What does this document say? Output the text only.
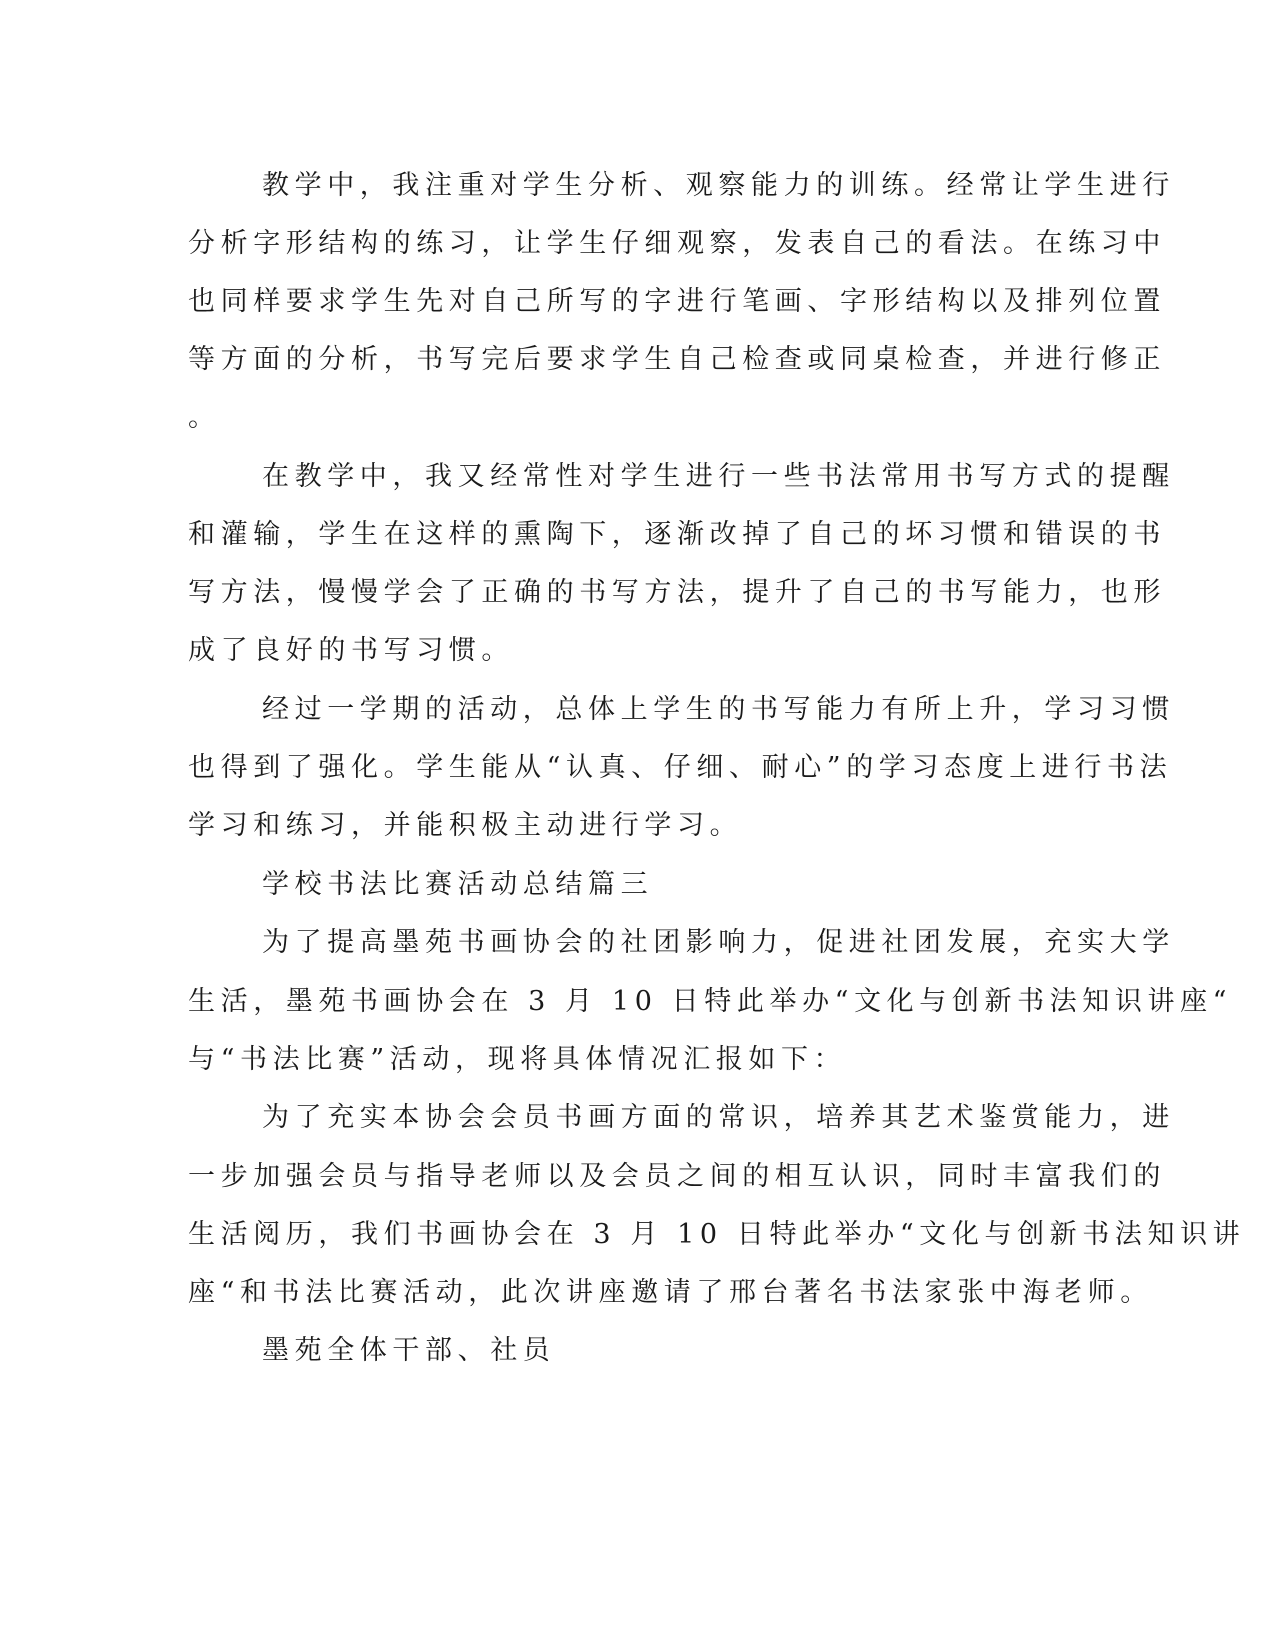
教学中，我注重对学生分析、观察能力的训练。经常让学生进行

分析字形结构的练习，让学生仔细观察，发表自己的看法。在练习中

也同样要求学生先对自己所写的字进行笔画、字形结构以及排列位置

等方面的分析，书写完后要求学生自己检查或同桌检查，并进行修正

。

在教学中，我又经常性对学生进行一些书法常用书写方式的提醒

和灌输，学生在这样的熏陶下，逐渐改掉了自己的坏习惯和错误的书

写方法，慢慢学会了正确的书写方法，提升了自己的书写能力，也形

成了良好的书写习惯。

经过一学期的活动，总体上学生的书写能力有所上升，学习习惯

也得到了强化。学生能从“认真、仔细、耐心”的学习态度上进行书法

学习和练习，并能积极主动进行学习。

学校书法比赛活动总结篇三

为了提高墨苑书画协会的社团影响力，促进社团发展，充实大学

生活，墨苑书画协会在 3 月 10 日特此举办“文化与创新书法知识讲座“

与“书法比赛”活动，现将具体情况汇报如下：

为了充实本协会会员书画方面的常识，培养其艺术鉴赏能力，进

一步加强会员与指导老师以及会员之间的相互认识，同时丰富我们的

生活阅历，我们书画协会在 3 月 10 日特此举办“文化与创新书法知识讲

座“和书法比赛活动，此次讲座邀请了邢台著名书法家张中海老师。

墨苑全体干部、社员
